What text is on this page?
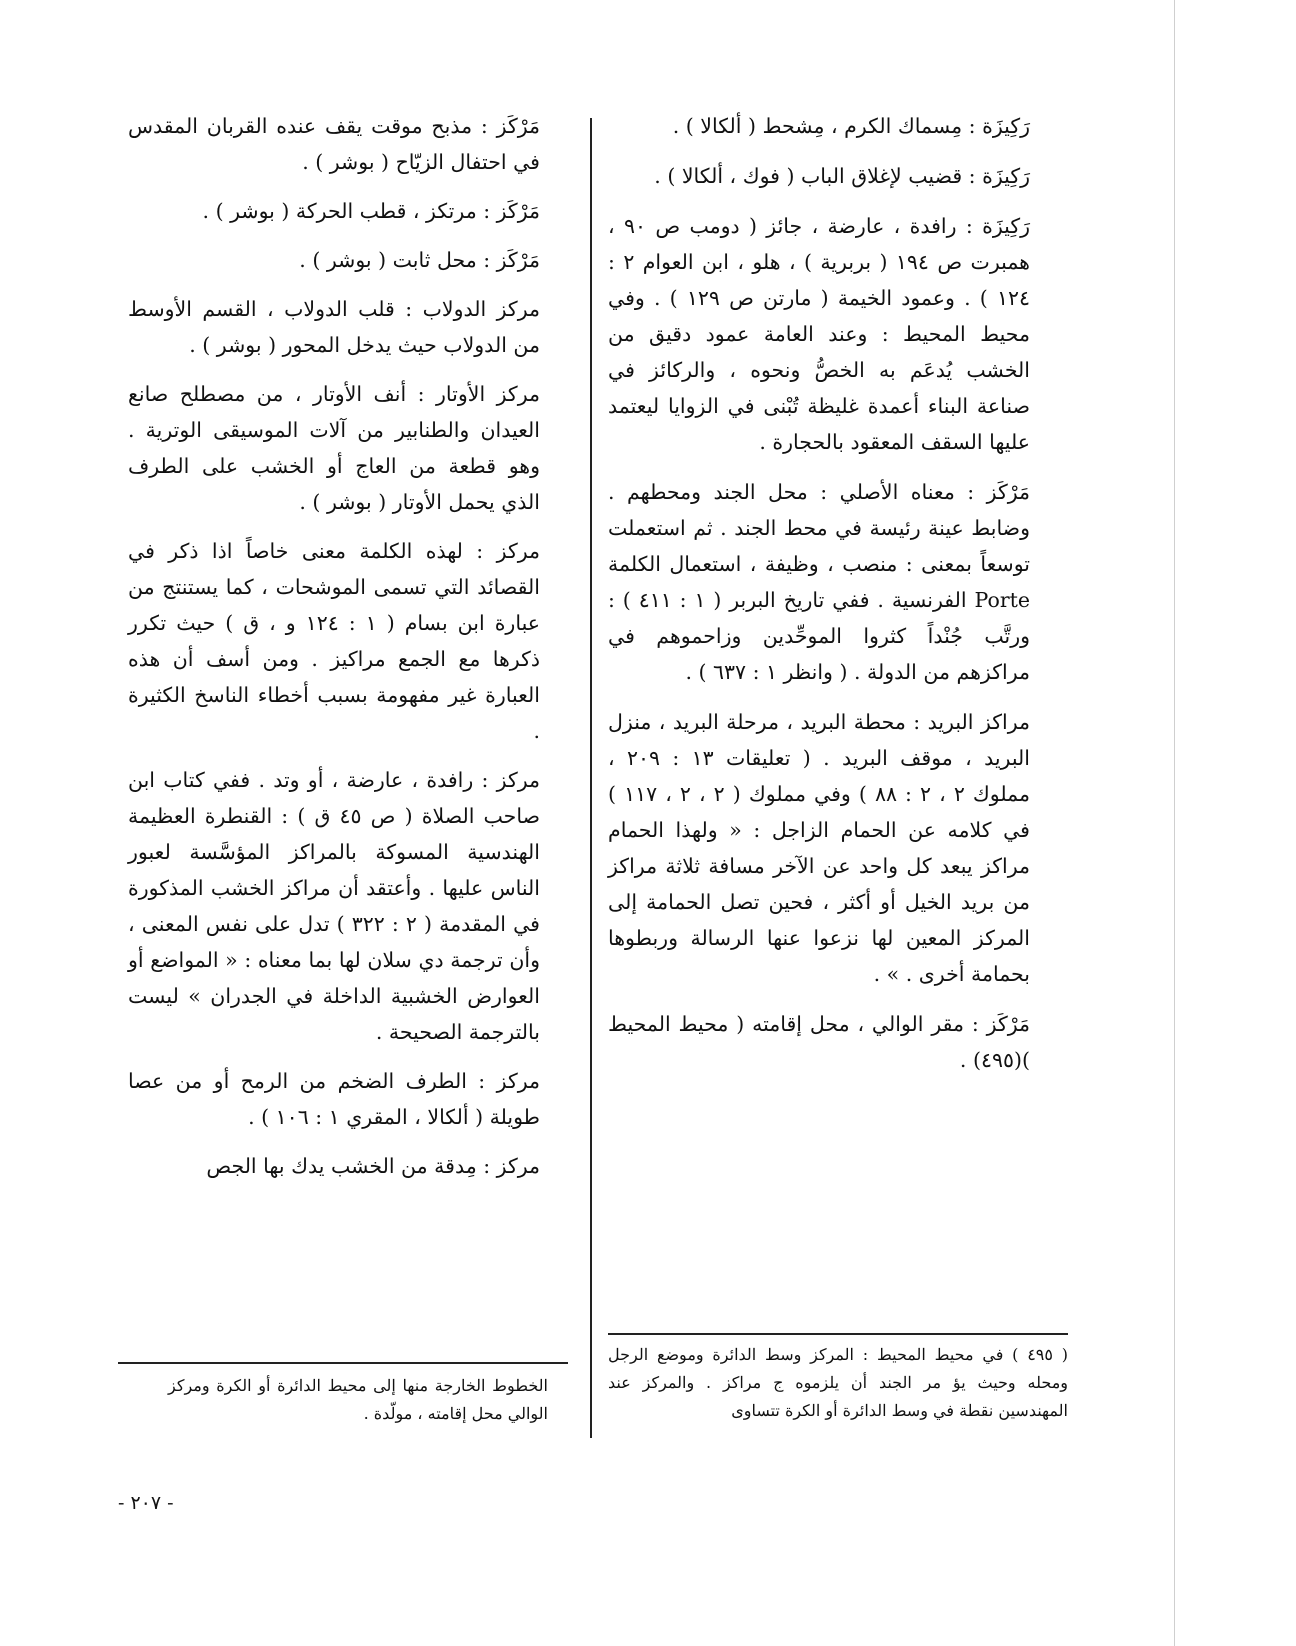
رَكِيزَة : مِسماك الكرم ، مِشحط ( ألكالا ) .

رَكِيزَة : قضيب لإغلاق الباب ( فوك ، ألكالا ) .

رَكِيزَة : رافدة ، عارضة ، جائز ( دومب ص ٩٠ ، همبرت ص ١٩٤ ( بربرية ) ، هلو ، ابن العوام ٢ : ١٢٤ ) . وعمود الخيمة ( مارتن ص ١٢٩ ) . وفي محيط المحيط : وعند العامة عمود دقيق من الخشب يُدعَم به الخصُّ ونحوه ، والركائز في صناعة البناء أعمدة غليظة تُبْنى في الزوايا ليعتمد عليها السقف المعقود بالحجارة .

مَرْكَز : معناه الأصلي : محل الجند ومحطهم . وضابط عينة رئيسة في محط الجند . ثم استعملت توسعاً بمعنى : منصب ، وظيفة ، استعمال الكلمة Porte الفرنسية . ففي تاريخ البربر ( ١ : ٤١١ ) : ورتَّب جُنْداً كثروا الموحِّدين وزاحموهم في مراكزهم من الدولة . ( وانظر ١ : ٦٣٧ ) .

مراكز البريد : محطة البريد ، مرحلة البريد ، منزل البريد ، موقف البريد . ( تعليقات ١٣ : ٢٠٩ ، مملوك ٢ ، ٢ : ٨٨ ) وفي مملوك ( ٢ ، ٢ ، ١١٧ ) في كلامه عن الحمام الزاجل : « ولهذا الحمام مراكز يبعد كل واحد عن الآخر مسافة ثلاثة مراكز من بريد الخيل أو أكثر ، فحين تصل الحمامة إلى المركز المعين لها نزعوا عنها الرسالة وربطوها بحمامة أخرى . » .

مَرْكَز : مقر الوالي ، محل إقامته ( محيط المحيط )(٤٩٥) .

مَرْكَز : مذبح موقت يقف عنده القربان المقدس في احتفال الزيّاح ( بوشر ) .

مَرْكَز : مرتكز ، قطب الحركة ( بوشر ) .

مَرْكَز : محل ثابت ( بوشر ) .

مركز الدولاب : قلب الدولاب ، القسم الأوسط من الدولاب حيث يدخل المحور ( بوشر ) .

مركز الأوتار : أنف الأوتار ، من مصطلح صانع العيدان والطنابير من آلات الموسيقى الوترية . وهو قطعة من العاج أو الخشب على الطرف الذي يحمل الأوتار ( بوشر ) .

مركز : لهذه الكلمة معنى خاصاً اذا ذكر في القصائد التي تسمى الموشحات ، كما يستنتج من عبارة ابن بسام ( ١ : ١٢٤ و ، ق ) حيث تكرر ذكرها مع الجمع مراكيز . ومن أسف أن هذه العبارة غير مفهومة بسبب أخطاء الناسخ الكثيرة .

مركز : رافدة ، عارضة ، أو وتد . ففي كتاب ابن صاحب الصلاة ( ص ٤٥ ق ) : القنطرة العظيمة الهندسية المسوكة بالمراكز المؤسَّسة لعبور الناس عليها . وأعتقد أن مراكز الخشب المذكورة في المقدمة ( ٢ : ٣٢٢ ) تدل على نفس المعنى ، وأن ترجمة دي سلان لها بما معناه : « المواضع أو العوارض الخشبية الداخلة في الجدران » ليست بالترجمة الصحيحة .

مركز : الطرف الضخم من الرمح أو من عصا طويلة ( ألكالا ، المقري ١ : ١٠٦ ) .

مركز : مِدقة من الخشب يدك بها الجص

( ٤٩٥ ) في محيط المحيط : المركز وسط الدائرة وموضع الرجل ومحله وحيث يؤ مر الجند أن يلزموه ج مراكز . والمركز عند المهندسين نقطة في وسط الدائرة أو الكرة تتساوى
الخطوط الخارجة منها إلى محيط الدائرة أو الكرة ومركز الوالي محل إقامته ، مولّدة .
- ٢٠٧ -
